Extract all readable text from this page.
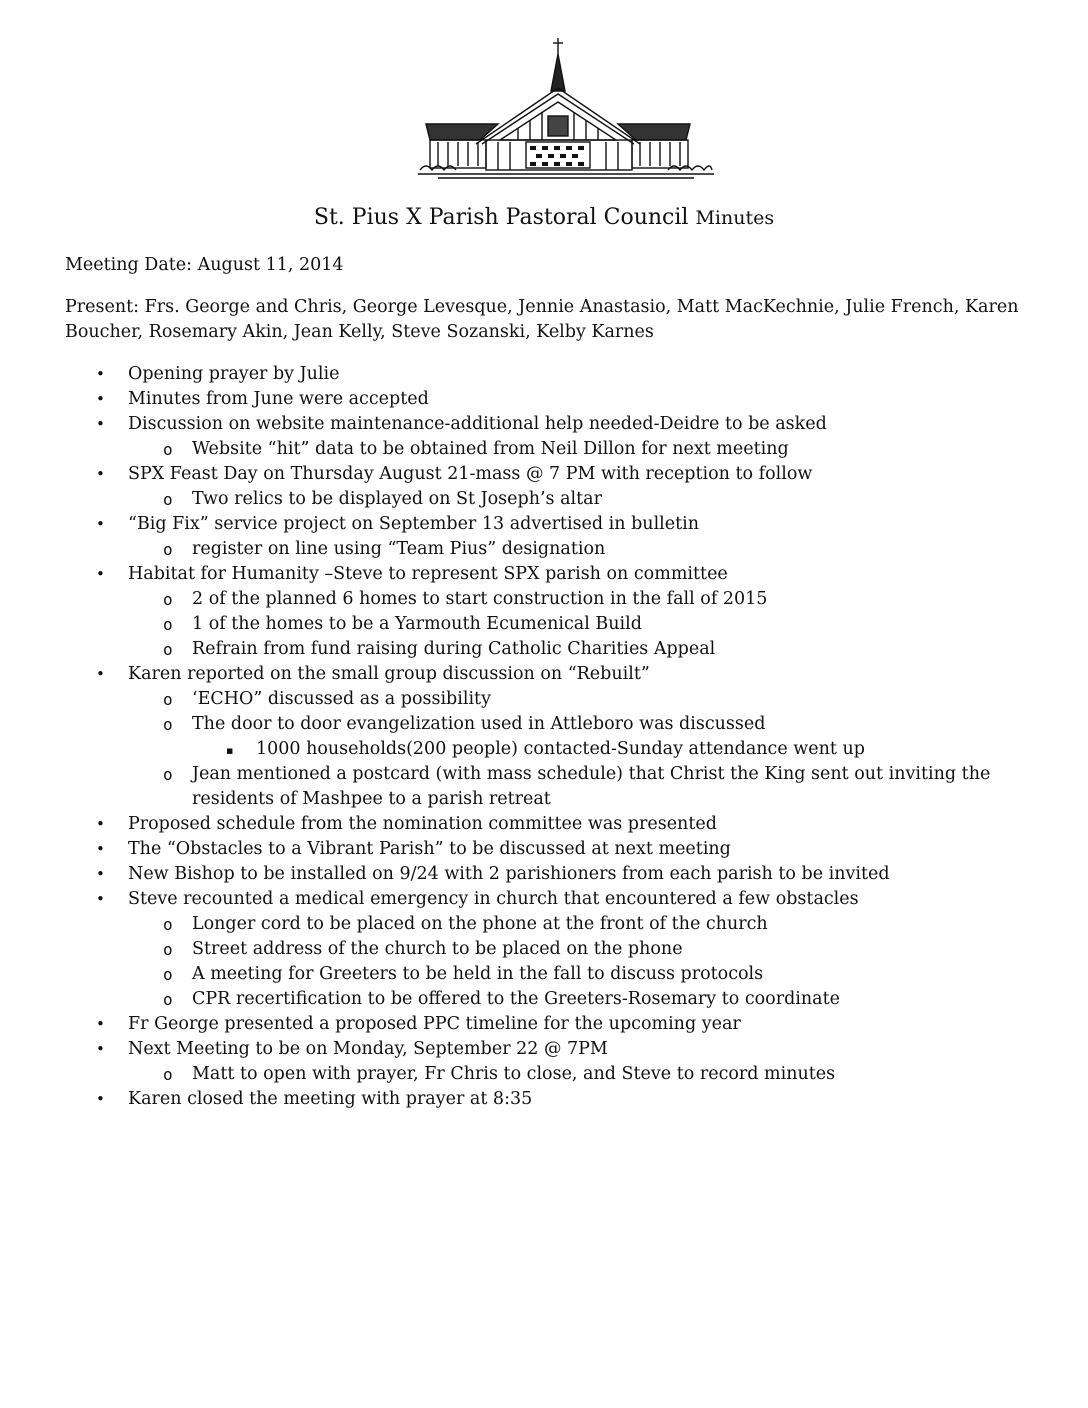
St. Pius X Parish Pastoral Council Minutes
Meeting Date: August 11, 2014
Present: Frs. George and Chris, George Levesque, Jennie Anastasio, Matt MacKechnie, Julie French, Karen Boucher, Rosemary Akin, Jean Kelly, Steve Sozanski, Kelby Karnes
• Opening prayer by Julie
• Minutes from June were accepted
• Discussion on website maintenance-additional help needed-Deidre to be asked
o Website “hit” data to be obtained from Neil Dillon for next meeting
• SPX Feast Day on Thursday August 21-mass @ 7 PM with reception to follow
o Two relics to be displayed on St Joseph’s altar
• “Big Fix” service project on September 13 advertised in bulletin
o register on line using “Team Pius” designation
• Habitat for Humanity –Steve to represent SPX parish on committee
o 2 of the planned 6 homes to start construction in the fall of 2015
o 1 of the homes to be a Yarmouth Ecumenical Build
o Refrain from fund raising during Catholic Charities Appeal
• Karen reported on the small group discussion on “Rebuilt”
o ‘ECHO” discussed as a possibility
o The door to door evangelization used in Attleboro was discussed
▪ 1000 households(200 people) contacted-Sunday attendance went up
o Jean mentioned a postcard (with mass schedule) that Christ the King sent out inviting the residents of Mashpee to a parish retreat
• Proposed schedule from the nomination committee was presented
• The “Obstacles to a Vibrant Parish” to be discussed at next meeting
• New Bishop to be installed on 9/24 with 2 parishioners from each parish to be invited
• Steve recounted a medical emergency in church that encountered a few obstacles
o Longer cord to be placed on the phone at the front of the church
o Street address of the church to be placed on the phone
o A meeting for Greeters to be held in the fall to discuss protocols
o CPR recertification to be offered to the Greeters-Rosemary to coordinate
• Fr George presented a proposed PPC timeline for the upcoming year
• Next Meeting to be on Monday, September 22 @ 7PM
o Matt to open with prayer, Fr Chris to close, and Steve to record minutes
• Karen closed the meeting with prayer at 8:35
